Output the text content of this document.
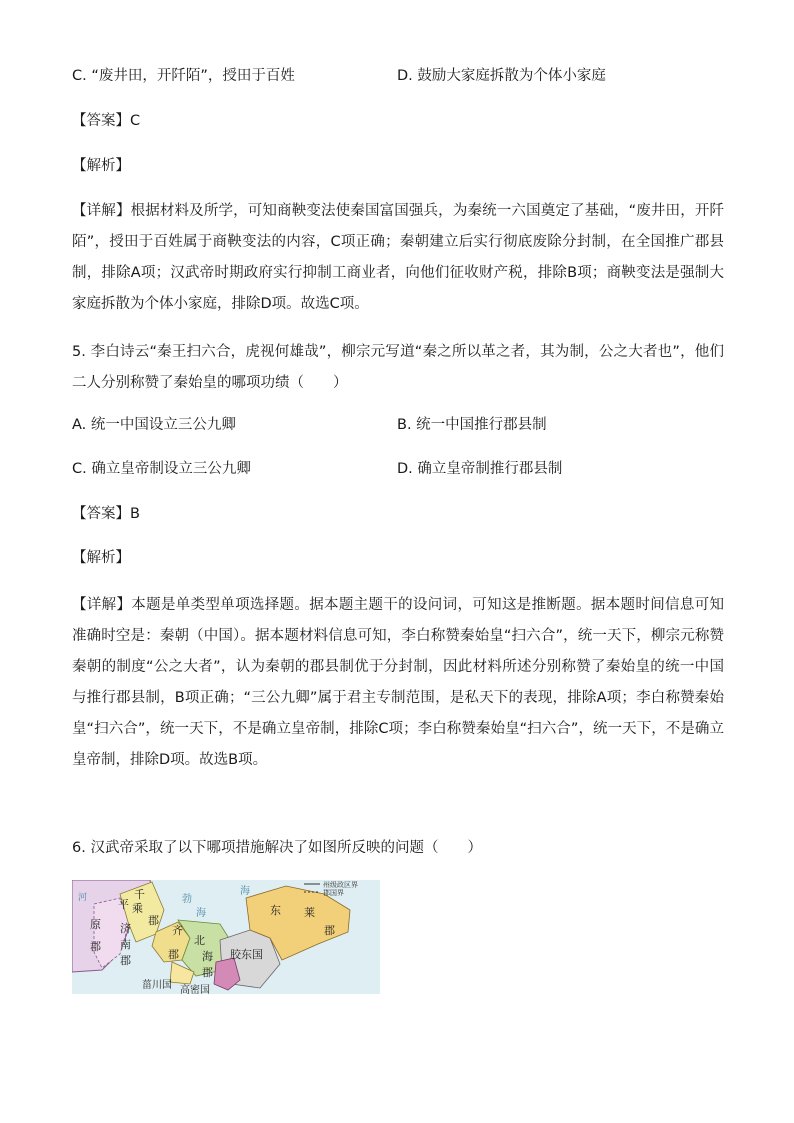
C. “废井田，开阡陌”，授田于百姓	D. 鼓励大家庭拆散为个体小家庭
【答案】C
【解析】
【详解】根据材料及所学，可知商鞅变法使秦国富国强兵，为秦统一六国奠定了基础，“废井田，开阡陌”，授田于百姓属于商鞅变法的内容，C项正确；秦朝建立后实行彻底废除分封制，在全国推广郡县制，排除A项；汉武帝时期政府实行抑制工商业者，向他们征收财产税，排除B项；商鞅变法是强制大家庭拆散为个体小家庭，排除D项。故选C项。
5. 李白诗云“秦王扫六合，虎视何雄哉”，柳宗元写道“秦之所以革之者，其为制，公之大者也”，他们二人分别称赞了秦始皇的哪项功绩（　　）
A. 统一中国设立三公九卿	B. 统一中国推行郡县制
C. 确立皇帝制设立三公九卿	D. 确立皇帝制推行郡县制
【答案】B
【解析】
【详解】本题是单类型单项选择题。据本题主题干的设问词，可知这是推断题。据本题时间信息可知准确时空是：秦朝（中国）。据本题材料信息可知，李白称赞秦始皇“扫六合”，统一天下，柳宗元称赞秦朝的制度“公之大者”，认为秦朝的郡县制优于分封制，因此材料所述分别称赞了秦始皇的统一中国与推行郡县制，B项正确；“三公九卿”属于君主专制范围，是私天下的表现，排除A项；李白称赞秦始皇“扫六合”，统一天下，不是确立皇帝制，排除C项；李白称赞秦始皇“扫六合”，统一天下，不是确立皇帝制，排除D项。故选B项。
6. 汉武帝采取了以下哪项措施解决了如图所反映的问题（　　）
州级政区界
郡国界
平
原
郡
千
乘
郡
济
南
郡
齐
郡
北
海
郡
胶东国
东 莱
郡
菑川国 高密国
勃
海
海
河
